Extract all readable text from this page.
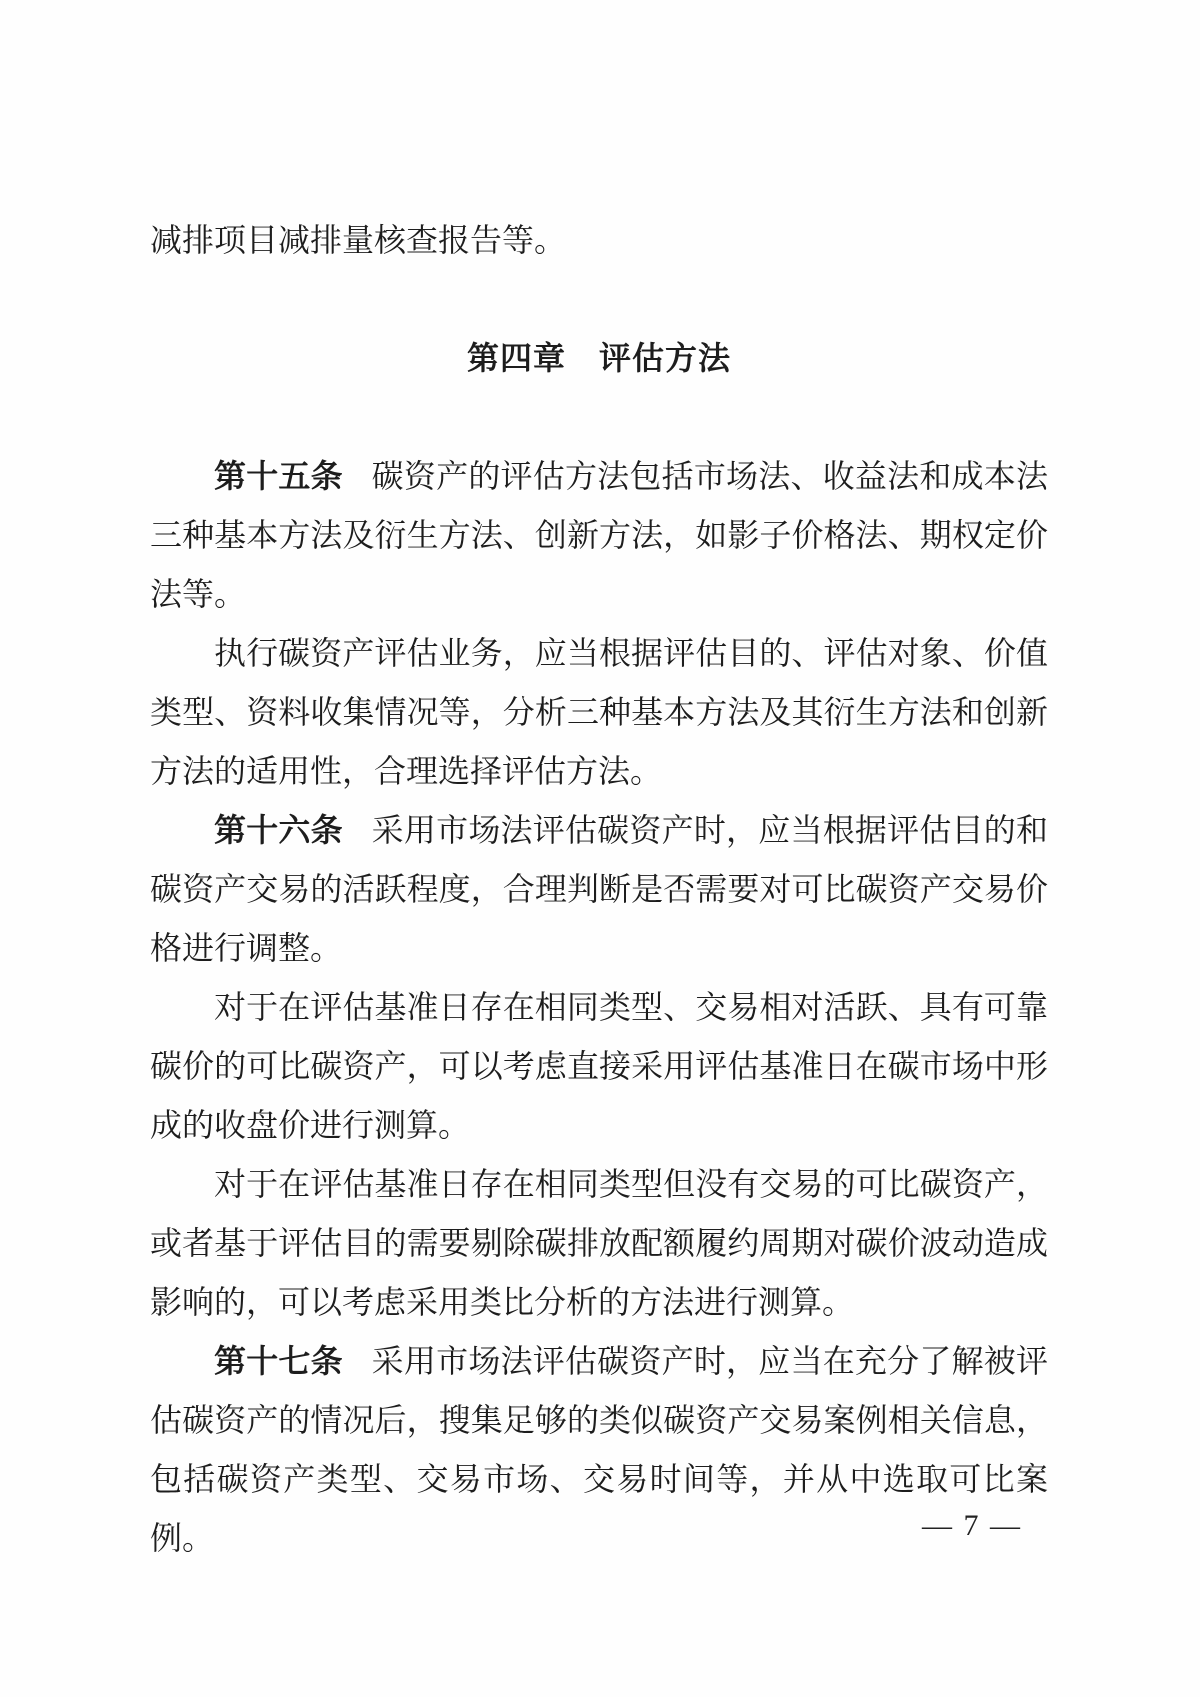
减排项目减排量核查报告等。

第四章　评估方法

第十五条 碳资产的评估方法包括市场法、收益法和成本法三种基本方法及衍生方法、创新方法，如影子价格法、期权定价法等。

执行碳资产评估业务，应当根据评估目的、评估对象、价值类型、资料收集情况等，分析三种基本方法及其衍生方法和创新方法的适用性，合理选择评估方法。

第十六条 采用市场法评估碳资产时，应当根据评估目的和碳资产交易的活跃程度，合理判断是否需要对可比碳资产交易价格进行调整。

对于在评估基准日存在相同类型、交易相对活跃、具有可靠碳价的可比碳资产，可以考虑直接采用评估基准日在碳市场中形成的收盘价进行测算。

对于在评估基准日存在相同类型但没有交易的可比碳资产，或者基于评估目的需要剔除碳排放配额履约周期对碳价波动造成影响的，可以考虑采用类比分析的方法进行测算。

第十七条 采用市场法评估碳资产时，应当在充分了解被评估碳资产的情况后，搜集足够的类似碳资产交易案例相关信息，包括碳资产类型、交易市场、交易时间等，并从中选取可比案例。	— 7 —
